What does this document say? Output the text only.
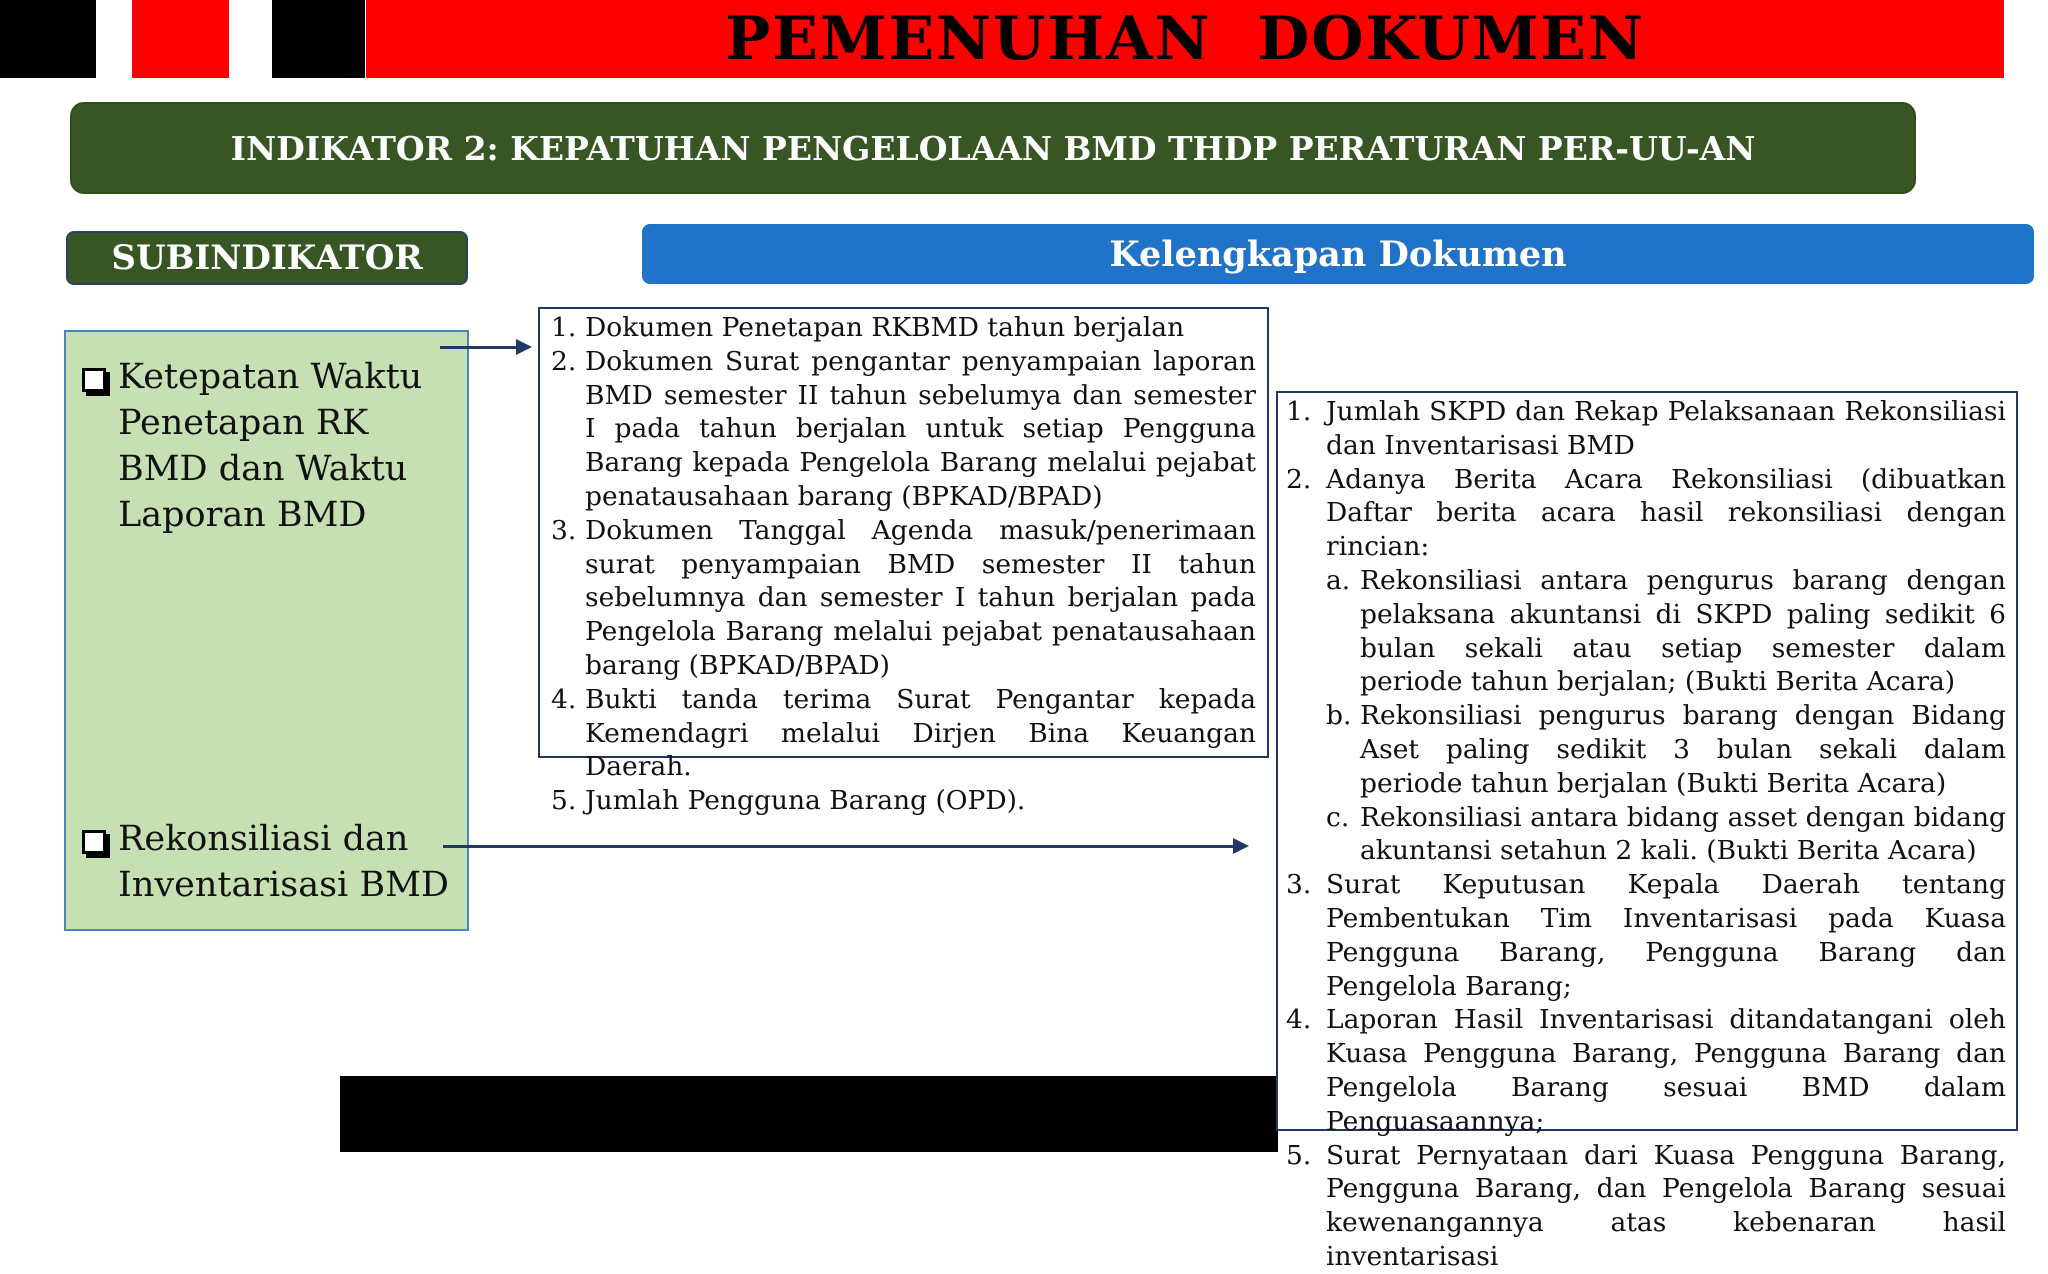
PEMENUHAN  DOKUMEN
INDIKATOR 2: KEPATUHAN PENGELOLAAN BMD THDP PERATURAN PER-UU-AN
SUBINDIKATOR	Kelengkapan Dokumen
Ketepatan Waktu Penetapan RK BMD dan Waktu Laporan BMD
Rekonsiliasi dan Inventarisasi BMD
1. Dokumen Penetapan RKBMD tahun berjalan
2. Dokumen Surat pengantar penyampaian laporan BMD semester II tahun sebelumya dan semester I pada tahun berjalan untuk setiap Pengguna Barang kepada Pengelola Barang melalui pejabat penatausahaan barang (BPKAD/BPAD)
3. Dokumen Tanggal Agenda masuk/penerimaan surat penyampaian BMD semester II tahun sebelumnya dan semester I tahun berjalan pada Pengelola Barang melalui pejabat penatausahaan barang (BPKAD/BPAD)
4. Bukti tanda terima Surat Pengantar kepada Kemendagri melalui Dirjen Bina Keuangan Daerah.
5. Jumlah Pengguna Barang (OPD).
1. Jumlah SKPD dan Rekap Pelaksanaan Rekonsiliasi dan Inventarisasi BMD
2. Adanya Berita Acara Rekonsiliasi (dibuatkan Daftar berita acara hasil rekonsiliasi dengan rincian:
a. Rekonsiliasi antara pengurus barang dengan pelaksana akuntansi di SKPD paling sedikit 6 bulan sekali atau setiap semester dalam periode tahun berjalan; (Bukti Berita Acara)
b. Rekonsiliasi pengurus barang dengan Bidang Aset paling sedikit 3 bulan sekali dalam periode tahun berjalan (Bukti Berita Acara)
c. Rekonsiliasi antara bidang asset dengan bidang akuntansi setahun 2 kali. (Bukti Berita Acara)
3. Surat Keputusan Kepala Daerah tentang Pembentukan Tim Inventarisasi pada Kuasa Pengguna Barang, Pengguna Barang dan Pengelola Barang;
4. Laporan Hasil Inventarisasi ditandatangani oleh Kuasa Pengguna Barang, Pengguna Barang dan Pengelola Barang sesuai BMD dalam Penguasaannya;
5. Surat Pernyataan dari Kuasa Pengguna Barang, Pengguna Barang, dan Pengelola Barang sesuai kewenangannya atas kebenaran hasil inventarisasi
